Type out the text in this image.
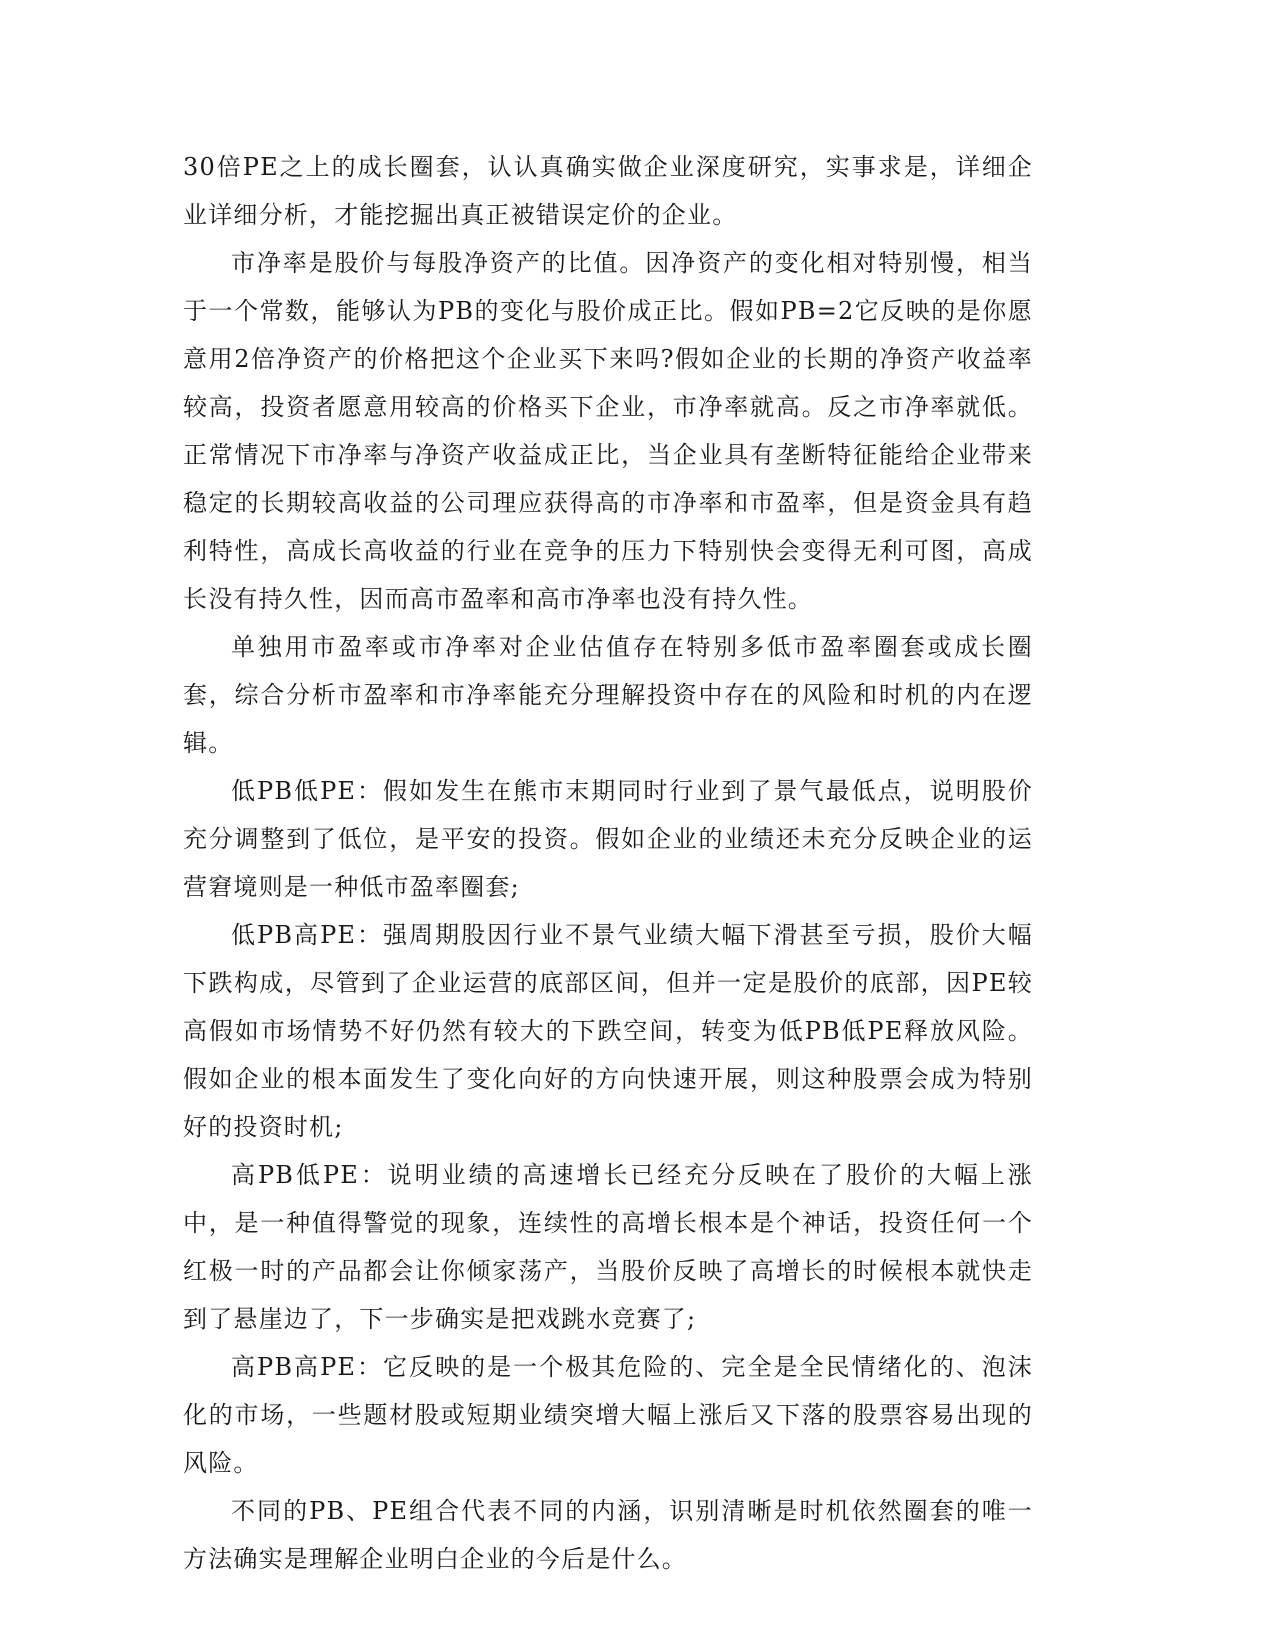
30倍PE之上的成长圈套，认认真确实做企业深度研究，实事求是，详细企业详细分析，才能挖掘出真正被错误定价的企业。

市净率是股价与每股净资产的比值。因净资产的变化相对特别慢，相当于一个常数，能够认为PB的变化与股价成正比。假如PB=2它反映的是你愿意用2倍净资产的价格把这个企业买下来吗?假如企业的长期的净资产收益率较高，投资者愿意用较高的价格买下企业，市净率就高。反之市净率就低。正常情况下市净率与净资产收益成正比，当企业具有垄断特征能给企业带来稳定的长期较高收益的公司理应获得高的市净率和市盈率，但是资金具有趋利特性，高成长高收益的行业在竞争的压力下特别快会变得无利可图，高成长没有持久性，因而高市盈率和高市净率也没有持久性。

单独用市盈率或市净率对企业估值存在特别多低市盈率圈套或成长圈套，综合分析市盈率和市净率能充分理解投资中存在的风险和时机的内在逻辑。

低PB低PE：假如发生在熊市末期同时行业到了景气最低点，说明股价充分调整到了低位，是平安的投资。假如企业的业绩还未充分反映企业的运营窘境则是一种低市盈率圈套;

低PB高PE：强周期股因行业不景气业绩大幅下滑甚至亏损，股价大幅下跌构成，尽管到了企业运营的底部区间，但并一定是股价的底部，因PE较高假如市场情势不好仍然有较大的下跌空间，转变为低PB低PE释放风险。假如企业的根本面发生了变化向好的方向快速开展，则这种股票会成为特别好的投资时机;

高PB低PE：说明业绩的高速增长已经充分反映在了股价的大幅上涨中，是一种值得警觉的现象，连续性的高增长根本是个神话，投资任何一个红极一时的产品都会让你倾家荡产，当股价反映了高增长的时候根本就快走到了悬崖边了，下一步确实是把戏跳水竞赛了;

高PB高PE：它反映的是一个极其危险的、完全是全民情绪化的、泡沫化的市场，一些题材股或短期业绩突增大幅上涨后又下落的股票容易出现的风险。

不同的PB、PE组合代表不同的内涵，识别清晰是时机依然圈套的唯一方法确实是理解企业明白企业的今后是什么。
